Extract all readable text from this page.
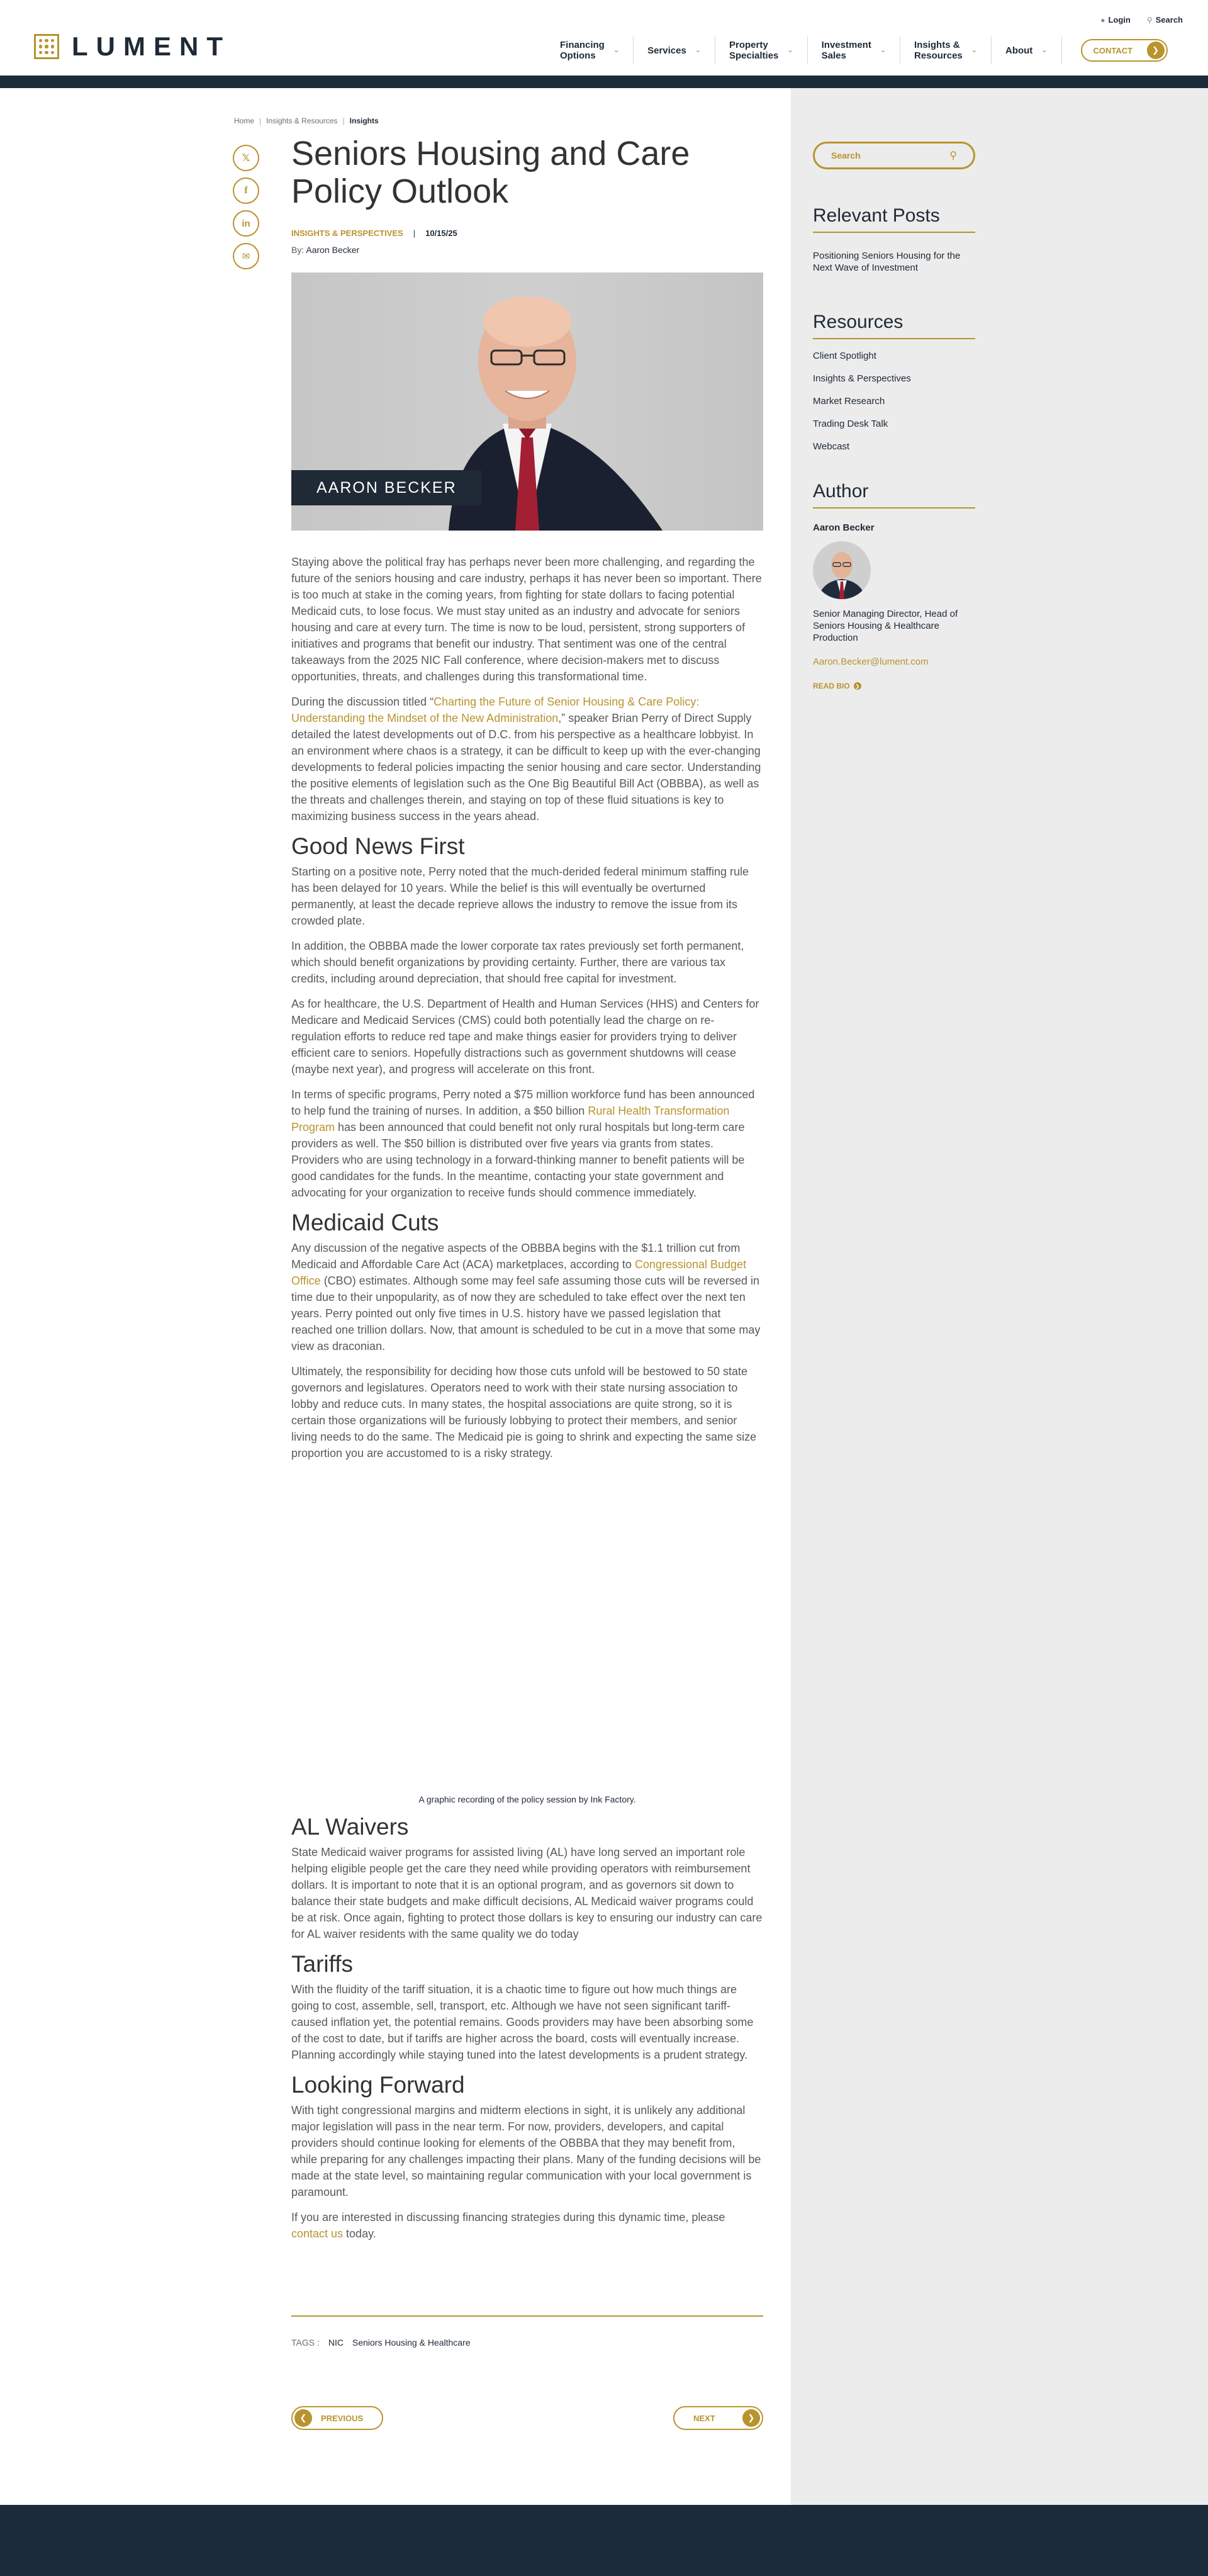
LUMENT
● Login ⚲ Search
Financing
Options
⌄	Services ⌄	Property
Specialties
⌄	Investment
Sales
⌄	Insights &
Resources
⌄	About ⌄	CONTACT	❯
Search
⚲
Relevant Posts
Positioning Seniors Housing for the Next Wave of Investment
Resources
Client Spotlight
Insights & Perspectives
Market Research
Trading Desk Talk
Webcast
Author
Aaron Becker
Senior Managing Director, Head of Seniors Housing & Healthcare Production
Aaron.Becker@lument.com
READ BIO	❯
Home | Insights & Resources | Insights
𝕏
f
in
✉
Seniors Housing and Care Policy Outlook
INSIGHTS & PERSPECTIVES | 10/15/25
By: Aaron Becker
AARON BECKER

Staying above the political fray has perhaps never been more challenging, and regarding the future of the seniors housing and care industry, perhaps it has never been so important. There is too much at stake in the coming years, from fighting for state dollars to facing potential Medicaid cuts, to lose focus. We must stay united as an industry and advocate for seniors housing and care at every turn. The time is now to be loud, persistent, strong supporters of initiatives and programs that benefit our industry. That sentiment was one of the central takeaways from the 2025 NIC Fall conference, where decision-makers met to discuss opportunities, threats, and challenges during this transformational time.

During the discussion titled “Charting the Future of Senior Housing & Care Policy: Understanding the Mindset of the New Administration,” speaker Brian Perry of Direct Supply detailed the latest developments out of D.C. from his perspective as a healthcare lobbyist. In an environment where chaos is a strategy, it can be difficult to keep up with the ever-changing developments to federal policies impacting the senior housing and care sector. Understanding the positive elements of legislation such as the One Big Beautiful Bill Act (OBBBA), as well as the threats and challenges therein, and staying on top of these fluid situations is key to maximizing business success in the years ahead.

Good News First

Starting on a positive note, Perry noted that the much-derided federal minimum staffing rule has been delayed for 10 years. While the belief is this will eventually be overturned permanently, at least the decade reprieve allows the industry to remove the issue from its crowded plate.

In addition, the OBBBA made the lower corporate tax rates previously set forth permanent, which should benefit organizations by providing certainty. Further, there are various tax credits, including around depreciation, that should free capital for investment.

As for healthcare, the U.S. Department of Health and Human Services (HHS) and Centers for Medicare and Medicaid Services (CMS) could both potentially lead the charge on re-regulation efforts to reduce red tape and make things easier for providers trying to deliver efficient care to seniors. Hopefully distractions such as government shutdowns will cease (maybe next year), and progress will accelerate on this front.

In terms of specific programs, Perry noted a $75 million workforce fund has been announced to help fund the training of nurses. In addition, a $50 billion Rural Health Transformation Program has been announced that could benefit not only rural hospitals but long-term care providers as well. The $50 billion is distributed over five years via grants from states. Providers who are using technology in a forward-thinking manner to benefit patients will be good candidates for the funds. In the meantime, contacting your state government and advocating for your organization to receive funds should commence immediately.

Medicaid Cuts

Any discussion of the negative aspects of the OBBBA begins with the $1.1 trillion cut from Medicaid and Affordable Care Act (ACA) marketplaces, according to Congressional Budget Office (CBO) estimates. Although some may feel safe assuming those cuts will be reversed in time due to their unpopularity, as of now they are scheduled to take effect over the next ten years. Perry pointed out only five times in U.S. history have we passed legislation that reached one trillion dollars. Now, that amount is scheduled to be cut in a move that some may view as draconian.

Ultimately, the responsibility for deciding how those cuts unfold will be bestowed to 50 state governors and legislatures. Operators need to work with their state nursing association to lobby and reduce cuts. In many states, the hospital associations are quite strong, so it is certain those organizations will be furiously lobbying to protect their members, and senior living needs to do the same. The Medicaid pie is going to shrink and expecting the same size proportion you are accustomed to is a risky strategy.

A graphic recording of the policy session by Ink Factory.
AL Waivers

State Medicaid waiver programs for assisted living (AL) have long served an important role helping eligible people get the care they need while providing operators with reimbursement dollars. It is important to note that it is an optional program, and as governors sit down to balance their state budgets and make difficult decisions, AL Medicaid waiver programs could be at risk. Once again, fighting to protect those dollars is key to ensuring our industry can care for AL waiver residents with the same quality we do today

Tariffs

With the fluidity of the tariff situation, it is a chaotic time to figure out how much things are going to cost, assemble, sell, transport, etc. Although we have not seen significant tariff-caused inflation yet, the potential remains. Goods providers may have been absorbing some of the cost to date, but if tariffs are higher across the board, costs will eventually increase. Planning accordingly while staying tuned into the latest developments is a prudent strategy.

Looking Forward

With tight congressional margins and midterm elections in sight, it is unlikely any additional major legislation will pass in the near term. For now, providers, developers, and capital providers should continue looking for elements of the OBBBA that they may benefit from, while preparing for any challenges impacting their plans. Many of the funding decisions will be made at the state level, so maintaining regular communication with your local government is paramount.

If you are interested in discussing financing strategies during this dynamic time, please contact us today.

TAGS : NIC Seniors Housing & Healthcare
❮	PREVIOUS	NEXT	❯
